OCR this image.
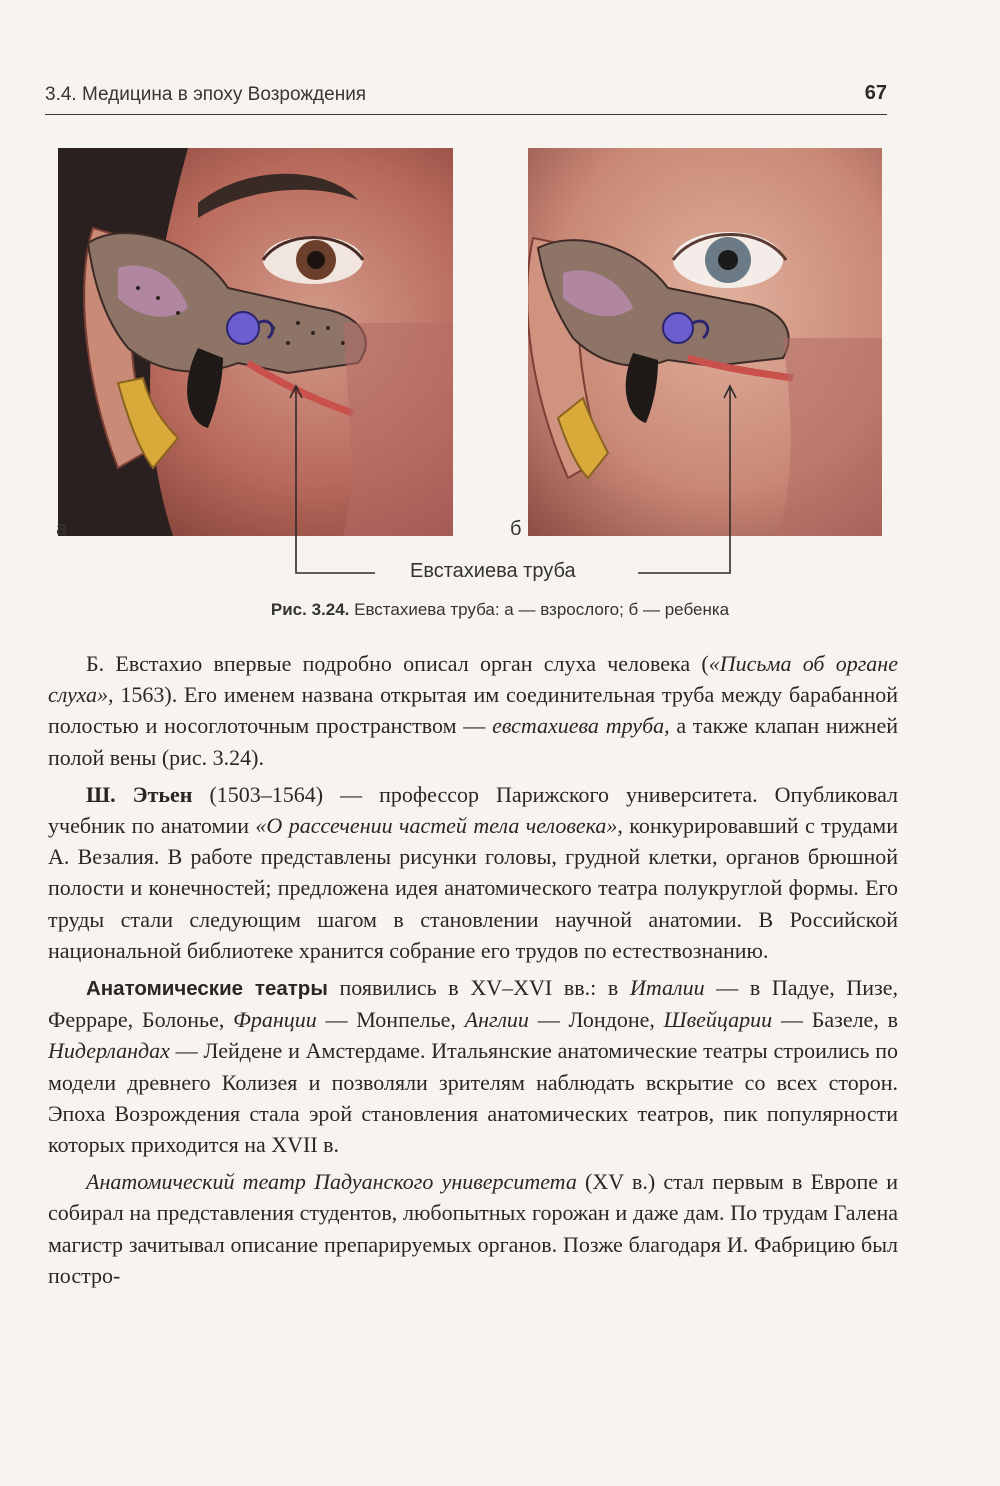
3.4. Медицина в эпоху Возрождения	67
а	б
Евстахиева труба
Рис. 3.24. Евстахиева труба: а — взрослого; б — ребенка

Б. Евстахио впервые подробно описал орган слуха человека («Письма об органе слуха», 1563). Его именем названа открытая им соединительная труба между барабанной полостью и носоглоточным пространством — евстахиева труба, а также клапан нижней полой вены (рис. 3.24).

Ш. Этьен (1503–1564) — профессор Парижского университета. Опубликовал учебник по анатомии «О рассечении частей тела человека», конкурировавший с трудами А. Везалия. В работе представлены рисунки головы, грудной клетки, органов брюшной полости и конечностей; предложена идея анатомического театра полукруглой формы. Его труды стали следующим шагом в становлении научной анатомии. В Российской национальной библиотеке хранится собрание его трудов по естествознанию.

Анатомические театры появились в XV–XVI вв.: в Италии — в Падуе, Пизе, Ферраре, Болонье, Франции — Монпелье, Англии — Лондоне, Швейцарии — Базеле, в Нидерландах — Лейдене и Амстердаме. Итальянские анатомические театры строились по модели древнего Колизея и позволяли зрителям наблюдать вскрытие со всех сторон. Эпоха Возрождения стала эрой становления анатомических театров, пик популярности которых приходится на XVII в.

Анатомический театр Падуанского университета (XV в.) стал первым в Европе и собирал на представления студентов, любопытных горожан и даже дам. По трудам Галена магистр зачитывал описание препарируемых органов. Позже благодаря И. Фабрицию был постро-
